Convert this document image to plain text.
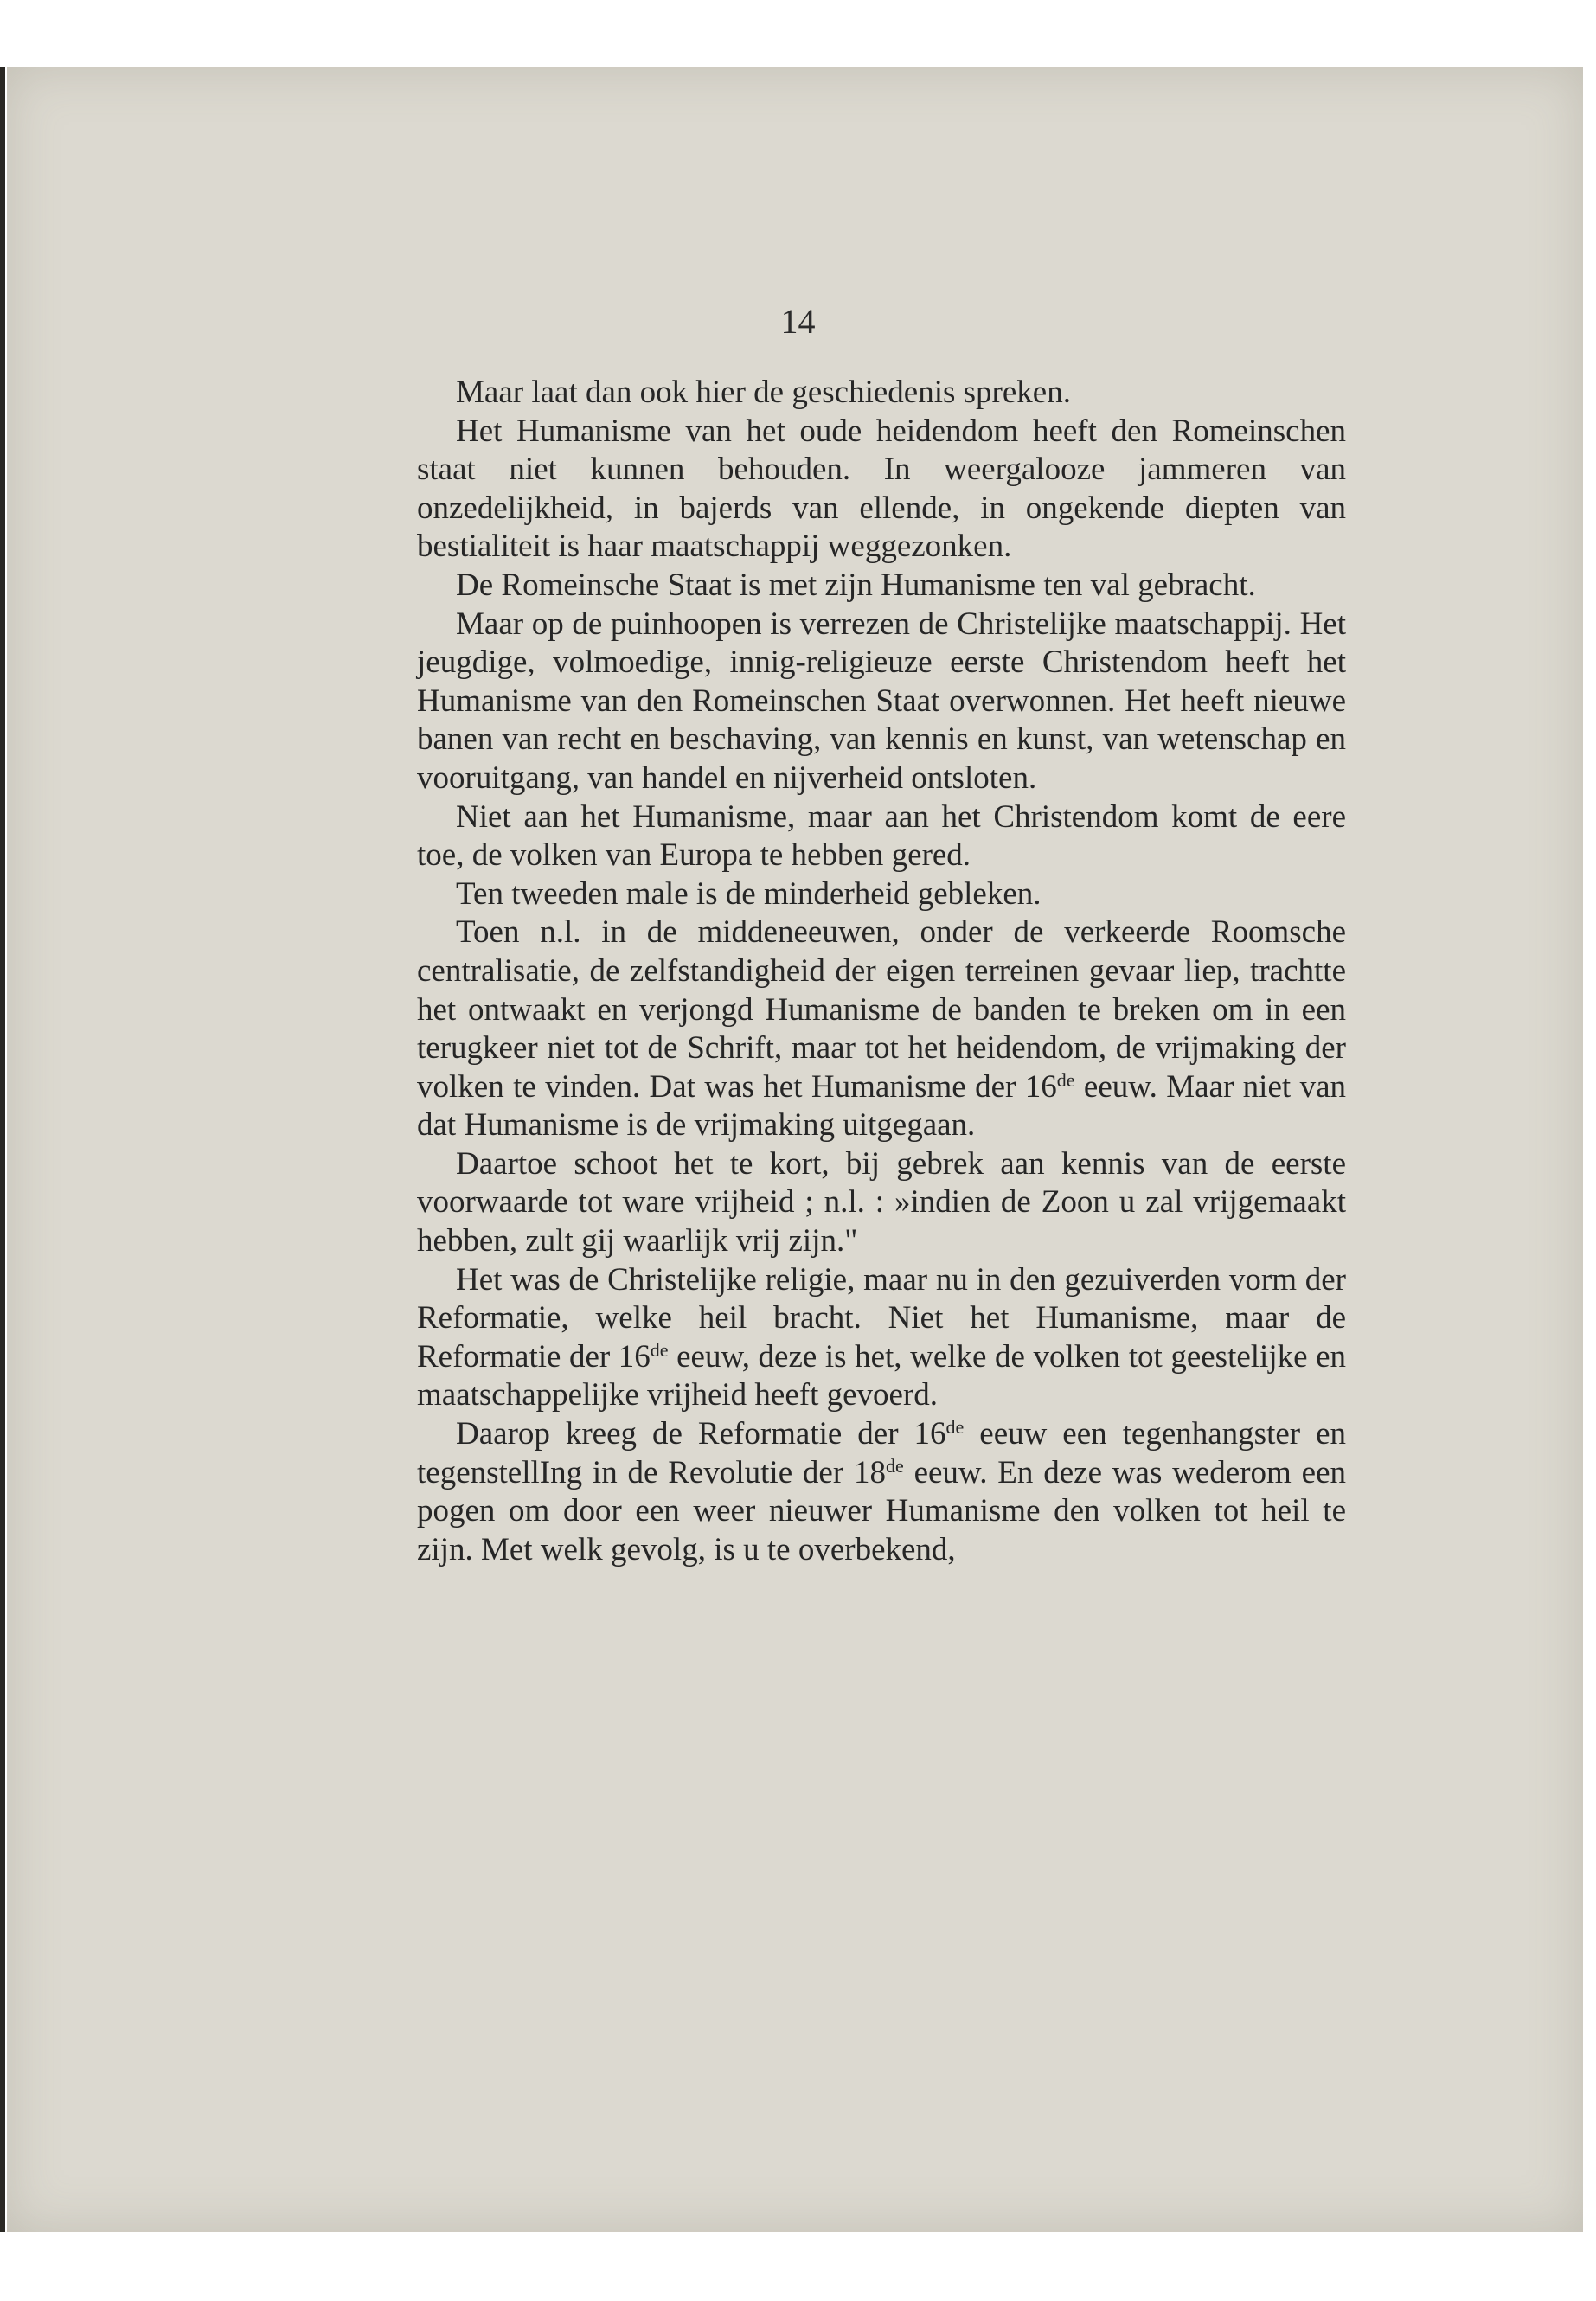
14

Maar laat dan ook hier de geschiedenis spreken.

Het Humanisme van het oude heidendom heeft den Romeinschen staat niet kunnen behouden. In weergalooze jammeren van onzedelijkheid, in bajerds van ellende, in ongekende diepten van bestialiteit is haar maatschappij weggezonken.

De Romeinsche Staat is met zijn Humanisme ten val gebracht.

Maar op de puinhoopen is verrezen de Christelijke maatschappij. Het jeugdige, volmoedige, innig-religieuze eerste Christendom heeft het Humanisme van den Romeinschen Staat overwonnen. Het heeft nieuwe banen van recht en beschaving, van kennis en kunst, van wetenschap en vooruitgang, van handel en nijverheid ontsloten.

Niet aan het Humanisme, maar aan het Christendom komt de eere toe, de volken van Europa te hebben gered.

Ten tweeden male is de minderheid gebleken.

Toen n.l. in de middeneeuwen, onder de verkeerde Roomsche centralisatie, de zelfstandigheid der eigen terreinen gevaar liep, trachtte het ontwaakt en verjongd Humanisme de banden te breken om in een terugkeer niet tot de Schrift, maar tot het heidendom, de vrijmaking der volken te vinden. Dat was het Humanisme der 16de eeuw. Maar niet van dat Humanisme is de vrijmaking uitgegaan.

Daartoe schoot het te kort, bij gebrek aan kennis van de eerste voorwaarde tot ware vrijheid ; n.l. : »indien de Zoon u zal vrijgemaakt hebben, zult gij waarlijk vrij zijn."

Het was de Christelijke religie, maar nu in den gezuiverden vorm der Reformatie, welke heil bracht. Niet het Humanisme, maar de Reformatie der 16de eeuw, deze is het, welke de volken tot geestelijke en maatschappelijke vrijheid heeft gevoerd.

Daarop kreeg de Reformatie der 16de eeuw een tegenhangster en tegenstellIng in de Revolutie der 18de eeuw. En deze was wederom een pogen om door een weer nieuwer Humanisme den volken tot heil te zijn. Met welk gevolg, is u te overbekend,
